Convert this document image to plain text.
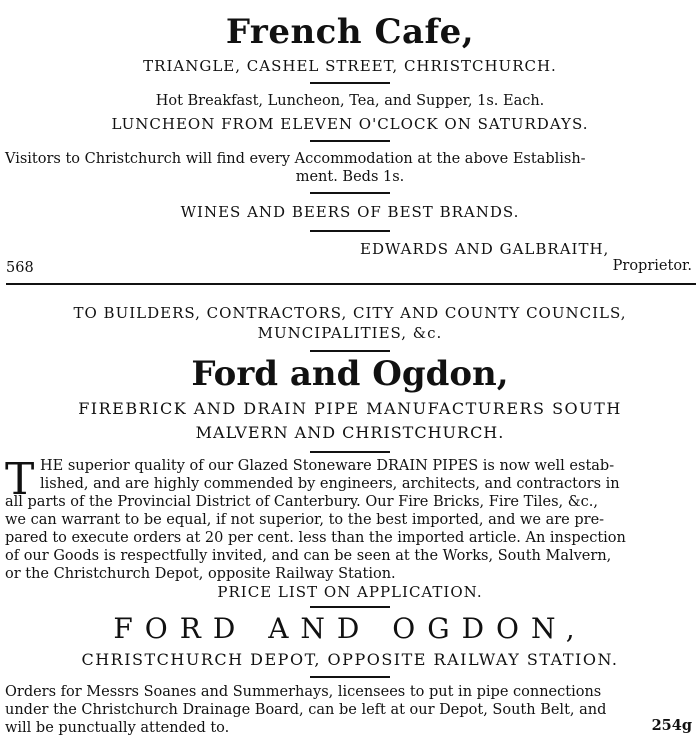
French Cafe,
TRIANGLE, CASHEL STREET, CHRISTCHURCH.
Hot Breakfast, Luncheon, Tea, and Supper, 1s. Each.
LUNCHEON FROM ELEVEN O'CLOCK ON SATURDAYS.
Visitors to Christchurch will find every Accommodation at the above Establish-
ment. Beds 1s.
WINES AND BEERS OF BEST BRANDS.
EDWARDS AND GALBRAITH,
568	Proprietor.
TO BUILDERS, CONTRACTORS, CITY AND COUNTY COUNCILS,
MUNCIPALITIES, &c.
Ford and Ogdon,
FIREBRICK AND DRAIN PIPE MANUFACTURERS SOUTH
MALVERN AND CHRISTCHURCH.
T HE superior quality of our Glazed Stoneware DRAIN PIPES is now well estab-
lished, and are highly commended by engineers, architects, and contractors in
all parts of the Provincial District of Canterbury. Our Fire Bricks, Fire Tiles, &c.,
we can warrant to be equal, if not superior, to the best imported, and we are pre-
pared to execute orders at 20 per cent. less than the imported article. An inspection
of our Goods is respectfully invited, and can be seen at the Works, South Malvern,
or the Christchurch Depot, opposite Railway Station.
PRICE LIST ON APPLICATION.
FORD AND OGDON,
CHRISTCHURCH DEPOT, OPPOSITE RAILWAY STATION.
Orders for Messrs Soanes and Summerhays, licensees to put in pipe connections
under the Christchurch Drainage Board, can be left at our Depot, South Belt, and
will be punctually attended to.	254g
